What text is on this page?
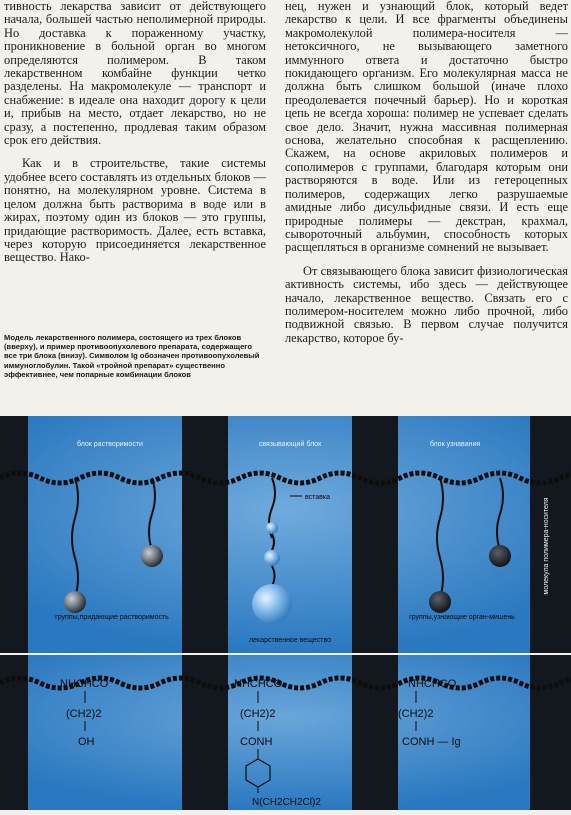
тивность лекарства зависит от действующего начала, большей частью неполимерной природы. Но доставка к пораженному участку, проникновение в больной орган во многом определяются полимером. В таком лекарственном комбайне функции четко разделены. На макромолекуле — транспорт и снабжение: в идеале она находит дорогу к цели и, прибыв на место, отдает лекарство, но не сразу, а постепенно, продлевая таким образом срок его действия.

Как и в строительстве, такие системы удобнее всего составлять из отдельных блоков — понятно, на молекулярном уровне. Система в целом должна быть растворима в воде или в жирах, поэтому один из блоков — это группы, придающие растворимость. Далее, есть вставка, через которую присоединяется лекарственное вещество. Нако-

нец, нужен и узнающий блок, который ведет лекарство к цели. И все фрагменты объединены макромолекулой полимера-носителя — нетоксичного, не вызывающего заметного иммунного ответа и достаточно быстро покидающего организм. Его молекулярная масса не должна быть слишком большой (иначе плохо преодолевается почечный барьер). Но и короткая цепь не всегда хороша: полимер не успевает сделать свое дело. Значит, нужна массивная полимерная основа, желательно способная к расщеплению. Скажем, на основе акриловых полимеров и сополимеров с группами, благодаря которым они растворяются в воде. Или из гетероцепных полимеров, содержащих легко разрушаемые амидные либо дисульфидные связи. И есть еще природные полимеры — декстран, крахмал, сывороточный альбумин, способность которых расщепляться в организме сомнений не вызывает.

От связывающего блока зависит физиологическая активность системы, ибо здесь — действующее начало, лекарственное вещество. Связать его с полимером-носителем можно либо прочной, либо подвижной связью. В первом случае получится лекарство, которое бу-

Модель лекарственного полимера, состоящего из трех блоков (вверху), и пример противоопухолевого препарата, содержащего все три блока (внизу). Символом Ig обозначен противоопухолевый иммуноглобулин. Такой «тройной препарат» существенно эффективнее, чем попарные комбинации блоков
блок растворимости	связывающий блок	блок узнавания
вставка
группы,придающие растворимость
лекарственное вещество
группы,узнающие орган-мишень
молекула полимера-носителя
NHCHCO
(CH2)2
OH
NHCHCO
(CH2)2
CONH
N(CH2CH2Cl)2
NHCHCO
(CH2)2
CONH — Ig
